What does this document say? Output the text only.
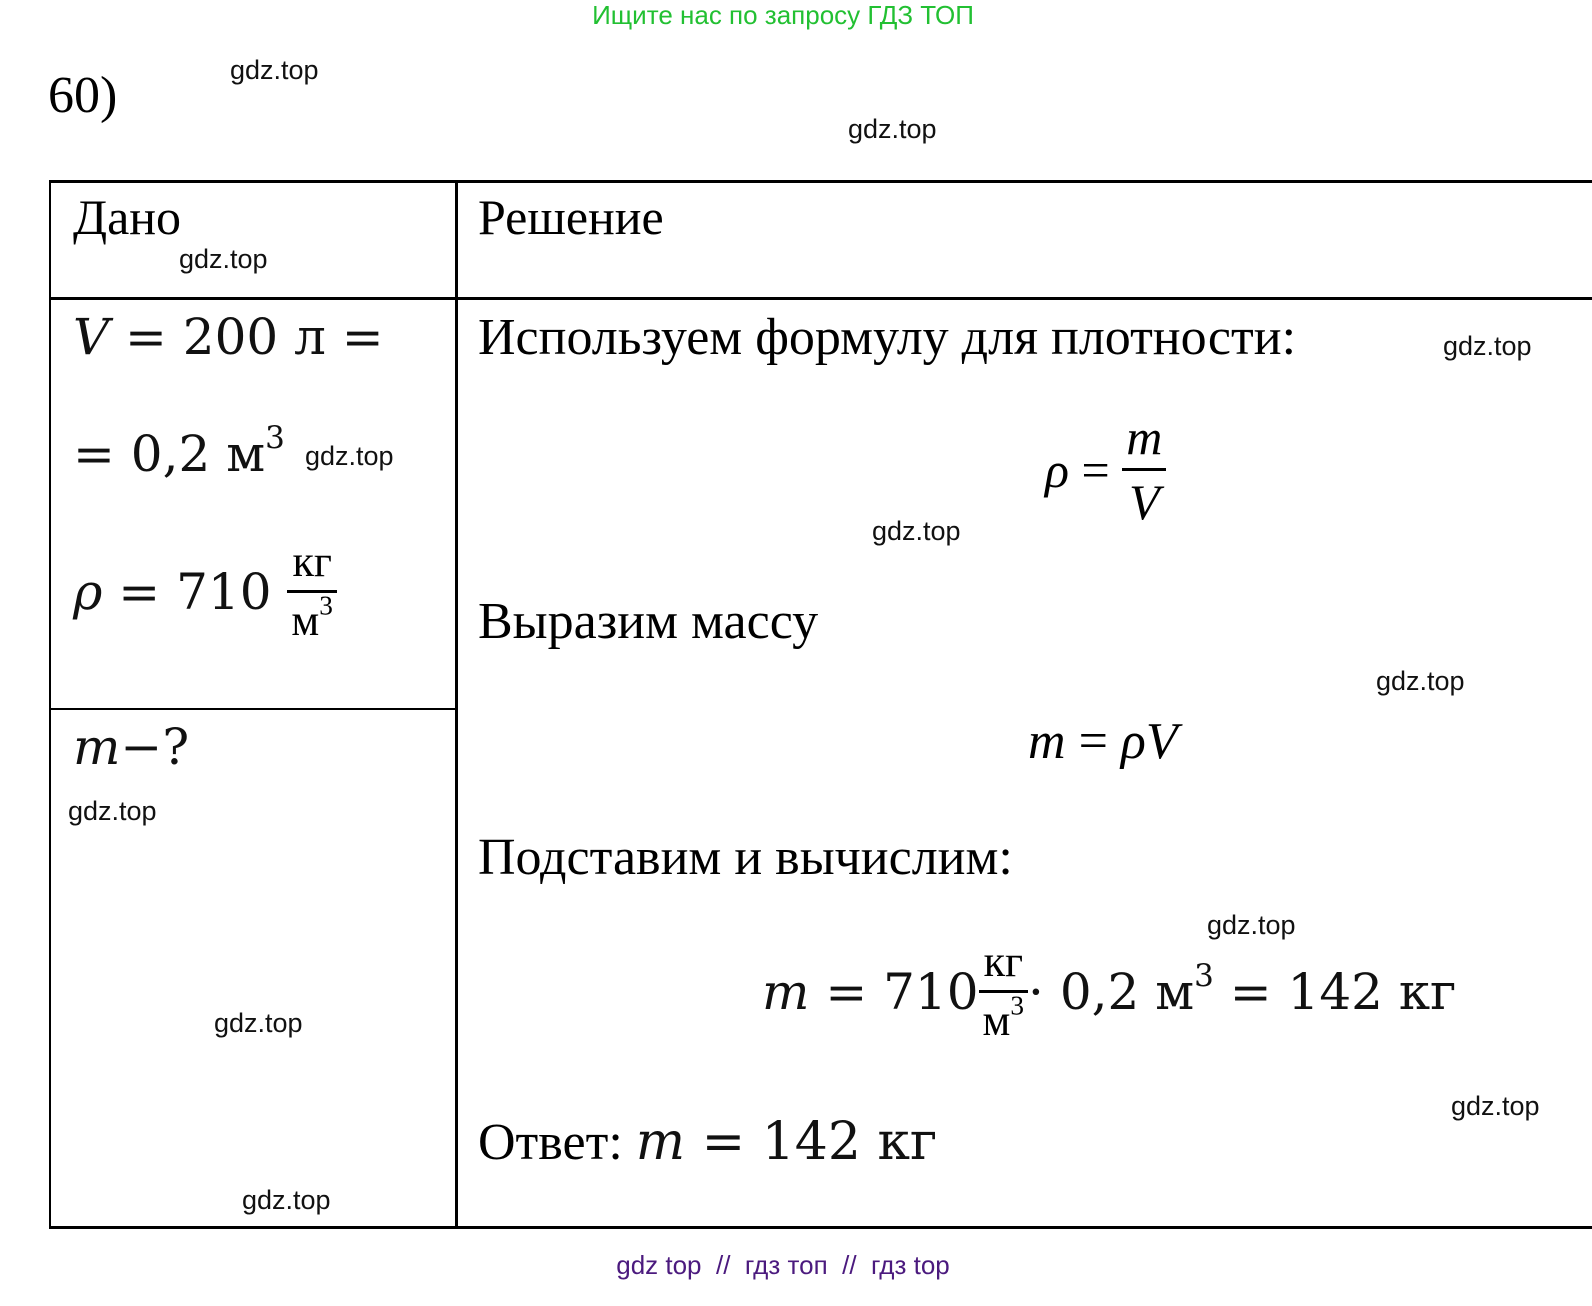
Ищите нас по запросу ГДЗ ТОП
60)
Дано	Решение
V = 200 л =
= 0,2 $м^3$
$\rho = 710 \frac{кг}{м^3}$
m−?
Используем формулу для плотности:
$\rho = \frac{m}{V}$
Выразим массу
m = ρV
Подставим и вычислим:
$m = 710 \frac{кг}{м^3} \cdot 0,2$ $м^3 = 142$ кг
Ответ: m = 142 кг
gdz.top
gdz.top
gdz.top
gdz.top
gdz.top
gdz.top
gdz.top
gdz.top
gdz.top
gdz.top
gdz.top
gdz.top
gdz top  //  гдз топ  //  гдз top
